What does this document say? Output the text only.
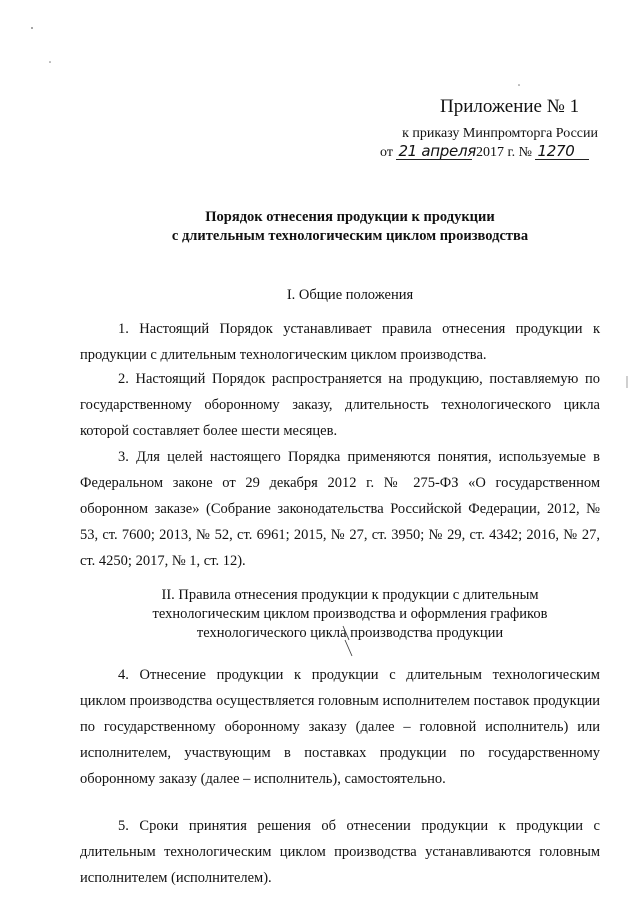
Приложение № 1
к приказу Минпромторга России
от 21 апреля 2017 г. № 1270
Порядок отнесения продукции к продукции
с длительным технологическим циклом производства
I. Общие положения
1. Настоящий Порядок устанавливает правила отнесения продукции к продукции с длительным технологическим циклом производства.
2. Настоящий Порядок распространяется на продукцию, поставляемую по государственному оборонному заказу, длительность технологического цикла которой составляет более шести месяцев.
3. Для целей настоящего Порядка применяются понятия, используемые в Федеральном законе от 29 декабря 2012 г. № 275-ФЗ «О государственном оборонном заказе» (Собрание законодательства Российской Федерации, 2012, № 53, ст. 7600; 2013, № 52, ст. 6961; 2015, № 27, ст. 3950; № 29, ст. 4342; 2016, № 27, ст. 4250; 2017, № 1, ст. 12).
II. Правила отнесения продукции к продукции с длительным
технологическим циклом производства и оформления графиков
технологического цикла производства продукции
4. Отнесение продукции к продукции с длительным технологическим циклом производства осуществляется головным исполнителем поставок продукции по государственному оборонному заказу (далее – головной исполнитель) или исполнителем, участвующим в поставках продукции по государственному оборонному заказу (далее – исполнитель), самостоятельно.
5. Сроки принятия решения об отнесении продукции к продукции с длительным технологическим циклом производства устанавливаются головным исполнителем (исполнителем).
